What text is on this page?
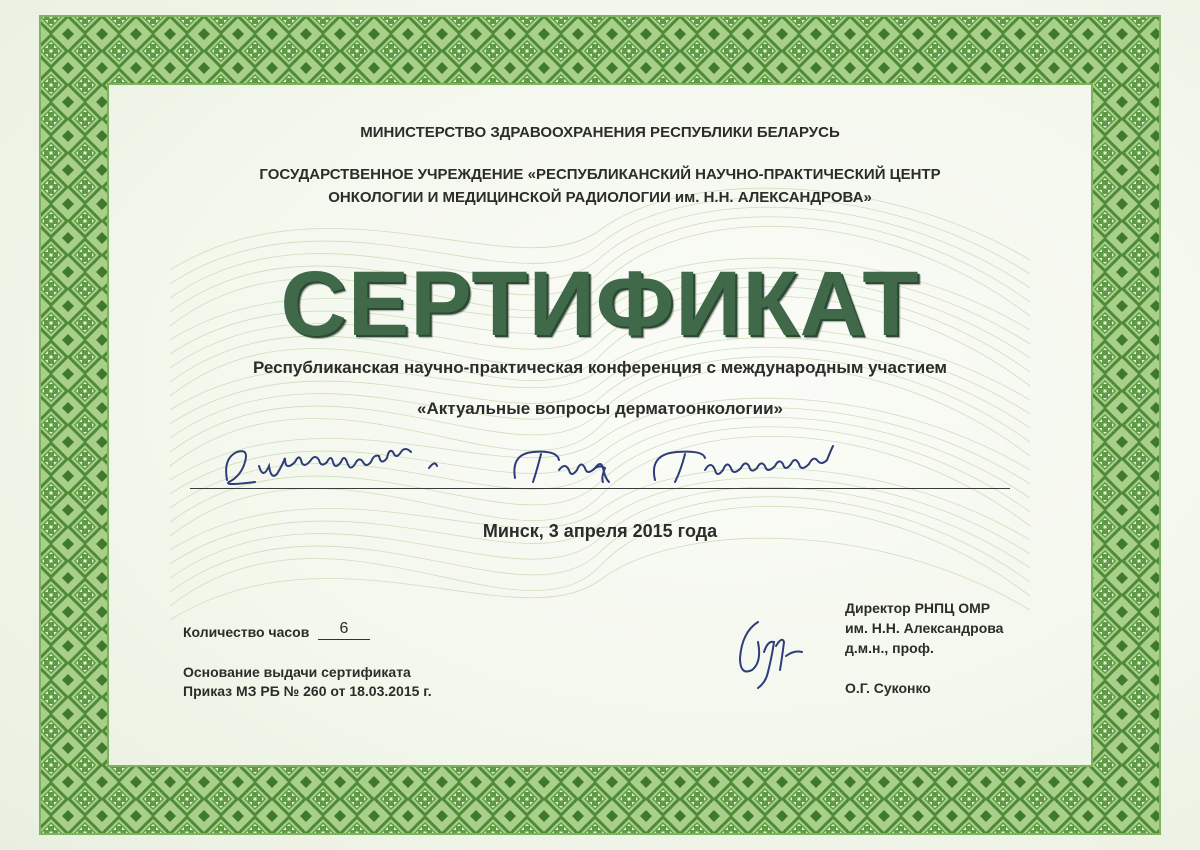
МИНИСТЕРСТВО ЗДРАВООХРАНЕНИЯ РЕСПУБЛИКИ БЕЛАРУСЬ
ГОСУДАРСТВЕННОЕ УЧРЕЖДЕНИЕ «РЕСПУБЛИКАНСКИЙ НАУЧНО-ПРАКТИЧЕСКИЙ ЦЕНТР
ОНКОЛОГИИ И МЕДИЦИНСКОЙ РАДИОЛОГИИ им. Н.Н. АЛЕКСАНДРОВА»
СЕРТИФИКАТ
Республиканская научно-практическая конференция с международным участием
«Актуальные вопросы дерматоонкологии»
Минск, 3 апреля 2015 года
Количество часов	6
Основание выдачи сертификата
Приказ МЗ РБ № 260 от 18.03.2015 г.
Директор РНПЦ ОМР
им. Н.Н. Александрова
д.м.н., проф.
О.Г. Суконко
